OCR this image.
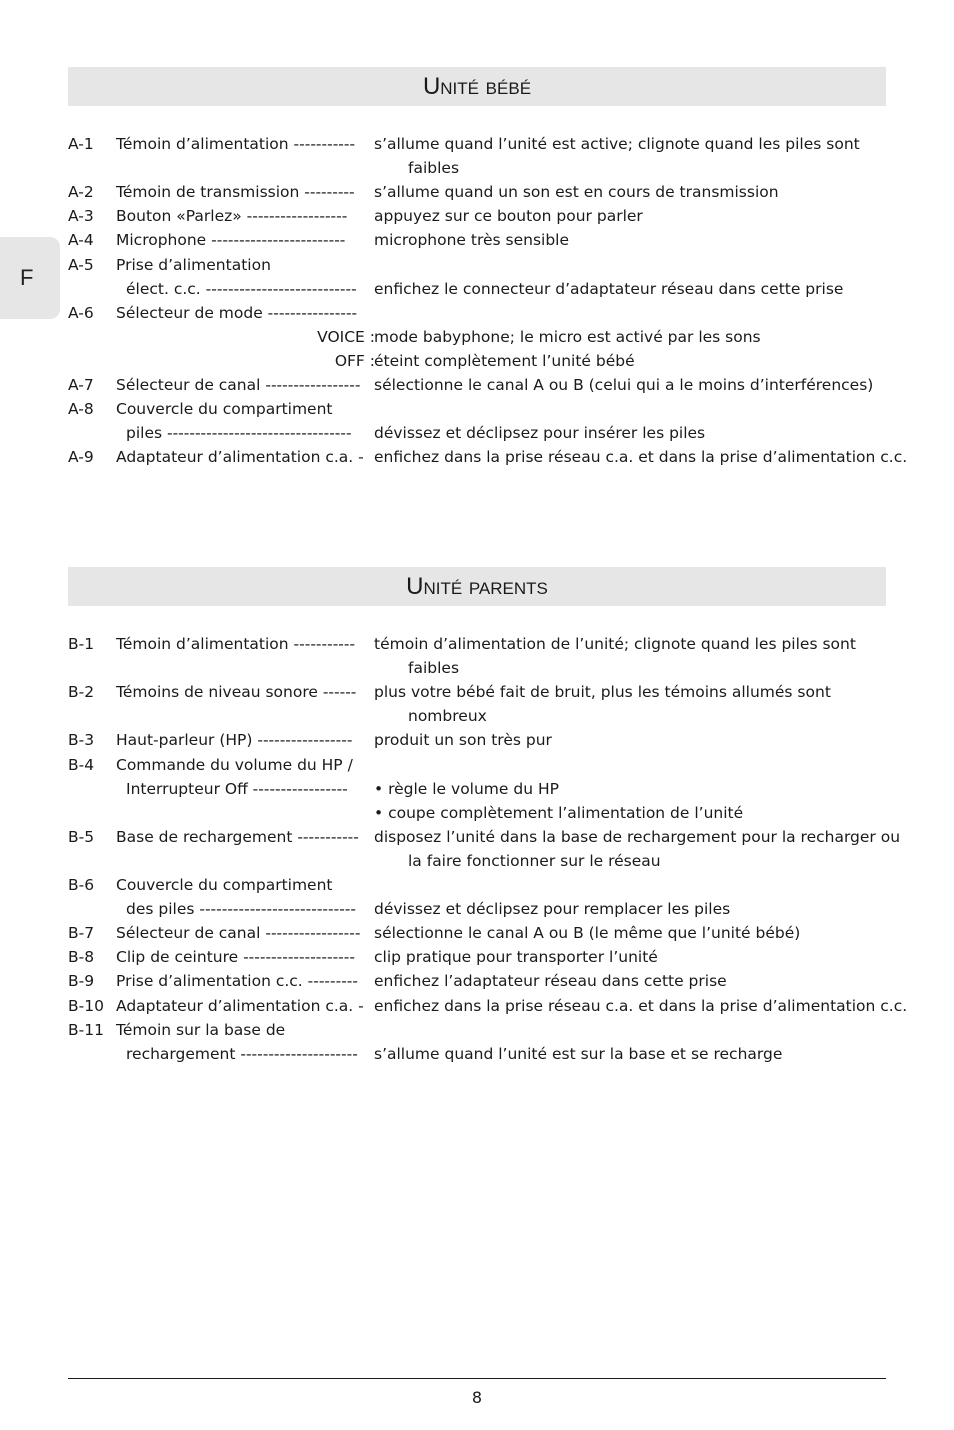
F
Unité bébé
A-1 Témoin d’alimentation ----------- s’allume quand l’unité est active; clignote quand les piles sont
faibles
A-2 Témoin de transmission --------- s’allume quand un son est en cours de transmission
A-3 Bouton «Parlez» ------------------ appuyez sur ce bouton pour parler
A-4 Microphone ------------------------ microphone très sensible
A-5 Prise d’alimentation
élect. c.c. --------------------------- enfichez le connecteur d’adaptateur réseau dans cette prise
A-6 Sélecteur de mode ----------------
VOICE : mode babyphone; le micro est activé par les sons
OFF : éteint complètement l’unité bébé
A-7 Sélecteur de canal ----------------- sélectionne le canal A ou B (celui qui a le moins d’interférences)
A-8 Couvercle du compartiment
piles --------------------------------- dévissez et déclipsez pour insérer les piles
A-9 Adaptateur d’alimentation c.a. - enfichez dans la prise réseau c.a. et dans la prise d’alimentation c.c.
Unité parents
B-1 Témoin d’alimentation ----------- témoin d’alimentation de l’unité; clignote quand les piles sont
faibles
B-2 Témoins de niveau sonore ------ plus votre bébé fait de bruit, plus les témoins allumés sont
nombreux
B-3 Haut-parleur (HP) ----------------- produit un son très pur
B-4 Commande du volume du HP /
Interrupteur Off ----------------- • règle le volume du HP
• coupe complètement l’alimentation de l’unité
B-5 Base de rechargement ----------- disposez l’unité dans la base de rechargement pour la recharger ou
la faire fonctionner sur le réseau
B-6 Couvercle du compartiment
des piles ---------------------------- dévissez et déclipsez pour remplacer les piles
B-7 Sélecteur de canal ----------------- sélectionne le canal A ou B (le même que l’unité bébé)
B-8 Clip de ceinture -------------------- clip pratique pour transporter l’unité
B-9 Prise d’alimentation c.c. --------- enfichez l’adaptateur réseau dans cette prise
B-10 Adaptateur d’alimentation c.a. - enfichez dans la prise réseau c.a. et dans la prise d’alimentation c.c.
B-11 Témoin sur la base de
rechargement --------------------- s’allume quand l’unité est sur la base et se recharge
8
